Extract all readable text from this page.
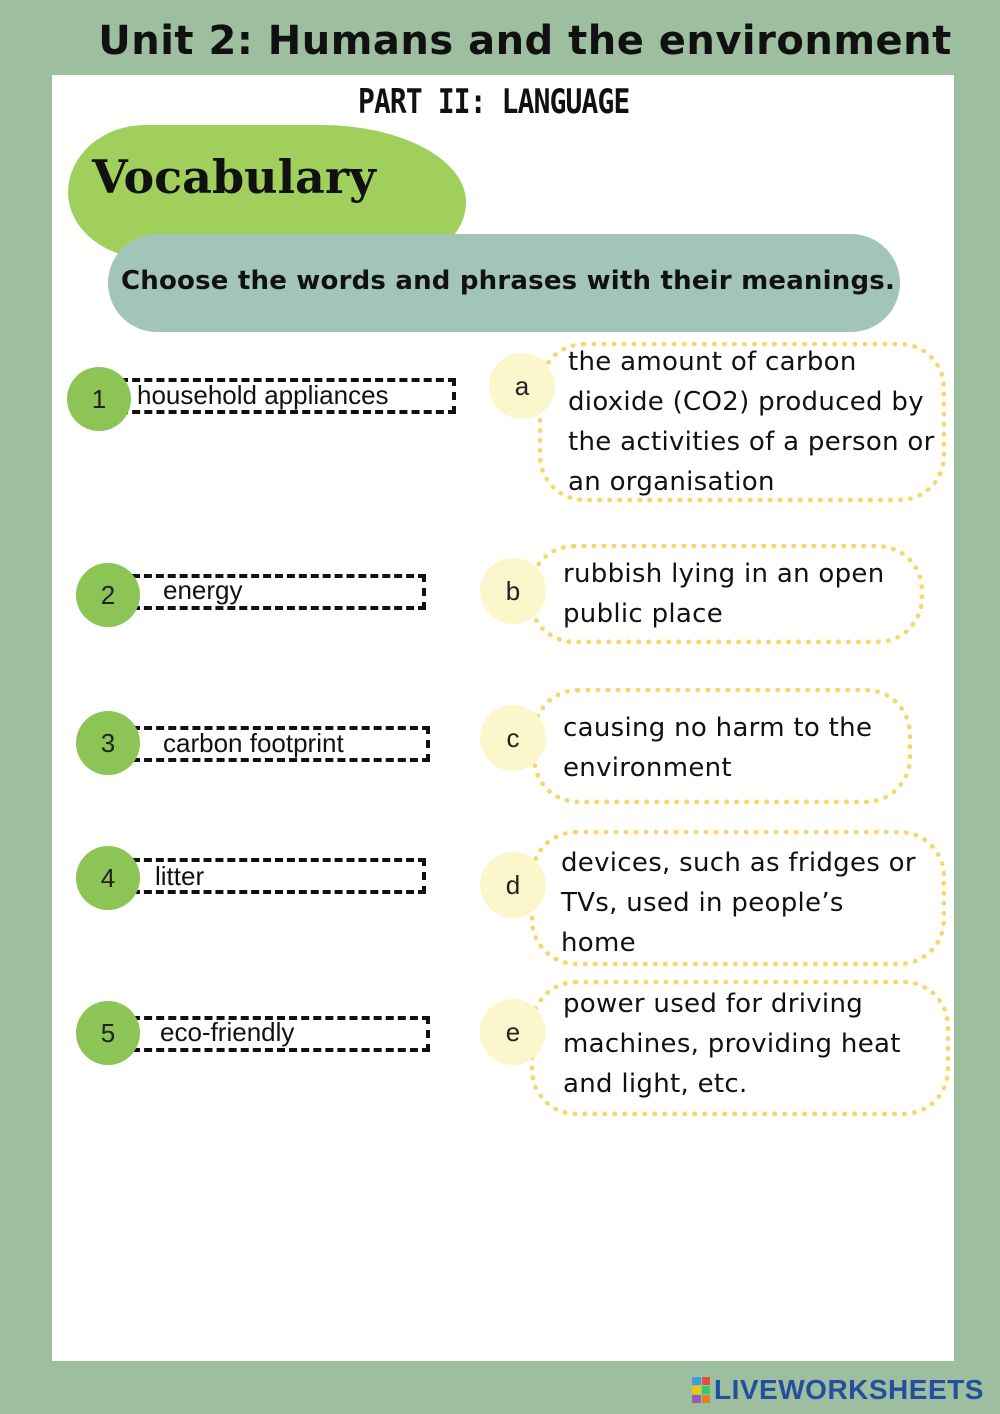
Unit 2: Humans and the environment
PART II: LANGUAGE
Vocabulary
Choose the words and phrases with their meanings.
1	household appliances
2	energy
3	carbon footprint
4	litter
5	eco-friendly
a
the amount of carbon
dioxide (CO2) produced by
the activities of a person or
an organisation
b
rubbish lying in an open
public place
c	causing no harm to the
environment
d
devices, such as fridges or
TVs, used in people’s
home
e
power used for driving
machines, providing heat
and light, etc.
LIVEWORKSHEETS
